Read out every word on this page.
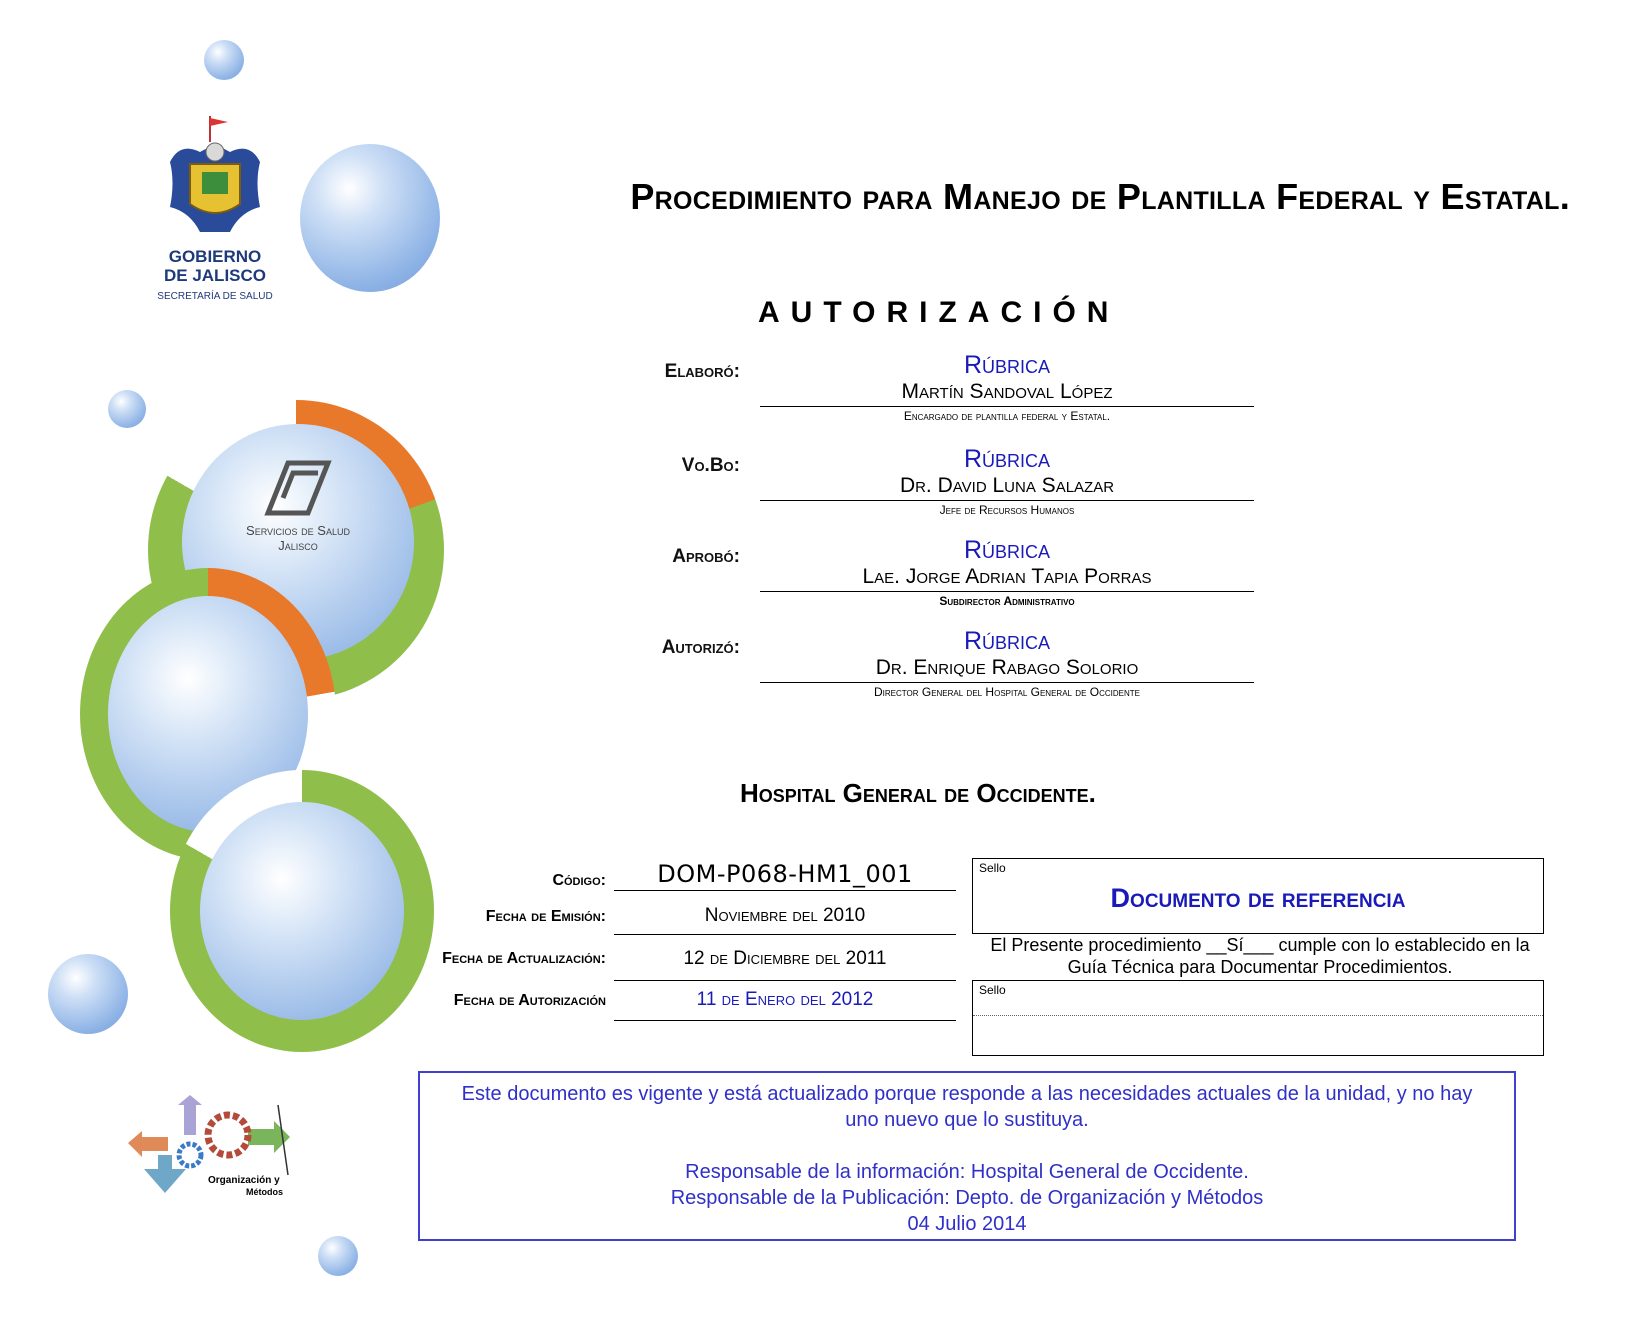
GOBIERNO
DE JALISCO
SECRETARÍA DE SALUD
Servicios de Salud
Jalisco
Organización y
Métodos
Procedimiento para Manejo de Plantilla Federal y Estatal.
AUTORIZACIÓN
Elaboró:	Rúbrica
Martín Sandoval López
Encargado de plantilla federal y Estatal.
Vo.Bo:	Rúbrica
Dr. David Luna Salazar
Jefe de Recursos Humanos
Aprobó:	Rúbrica
Lae. Jorge Adrian Tapia Porras
Subdirector Administrativo
Autorizó:	Rúbrica
Dr. Enrique Rabago Solorio
Director General del Hospital General de Occidente
Hospital General de Occidente.
Código:	DOM-P068-HM1_001
Fecha de Emisión:	Noviembre del 2010
Fecha de Actualización:	12 de Diciembre del 2011
Fecha de Autorización	11 de Enero del 2012
Sello
Documento de referencia
El Presente procedimiento __Sí___ cumple con lo establecido en la Guía Técnica para Documentar Procedimientos.
Sello
Este documento es vigente y está actualizado porque responde a las necesidades actuales de la unidad, y no hay uno nuevo que lo sustituya.
Responsable de la información: Hospital General de Occidente.
Responsable de la Publicación: Depto. de Organización y Métodos
04 Julio 2014
